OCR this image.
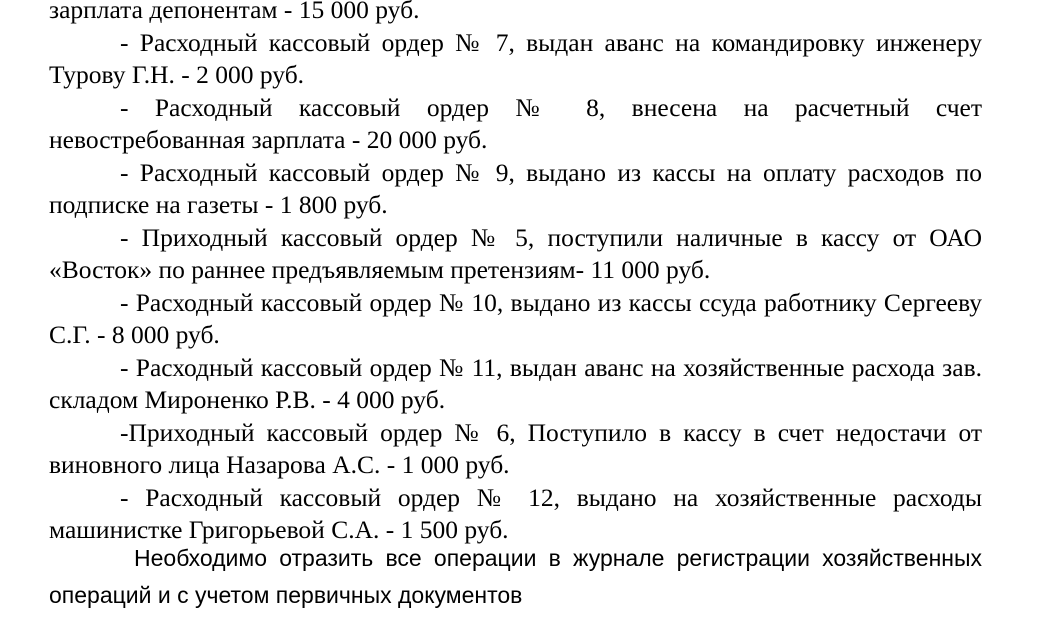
зарплата депонентам - 15 000 руб.

- Расходный кассовый ордер № 7, выдан аванс на командировку инженеру Турову Г.Н. - 2 000 руб.

- Расходный кассовый ордер № 8, внесена на расчетный счет невостребованная зарплата - 20 000 руб.

- Расходный кассовый ордер № 9, выдано из кассы на оплату расходов по подписке на газеты - 1 800 руб.

- Приходный кассовый ордер № 5, поступили наличные в кассу от ОАО «Восток» по раннее предъявляемым претензиям- 11 000 руб.

- Расходный кассовый ордер № 10, выдано из кассы ссуда работнику Сергееву С.Г. - 8 000 руб.

- Расходный кассовый ордер № 11, выдан аванс на хозяйственные расхода зав. складом Мироненко Р.В. - 4 000 руб.

-Приходный кассовый ордер № 6, Поступило в кассу в счет недостачи от виновного лица Назарова А.С. - 1 000 руб.

- Расходный кассовый ордер № 12, выдано на хозяйственные расходы машинистке Григорьевой С.А. - 1 500 руб.

Необходимо отразить все операции в журнале регистрации хозяйственных операций и с учетом первичных документов
